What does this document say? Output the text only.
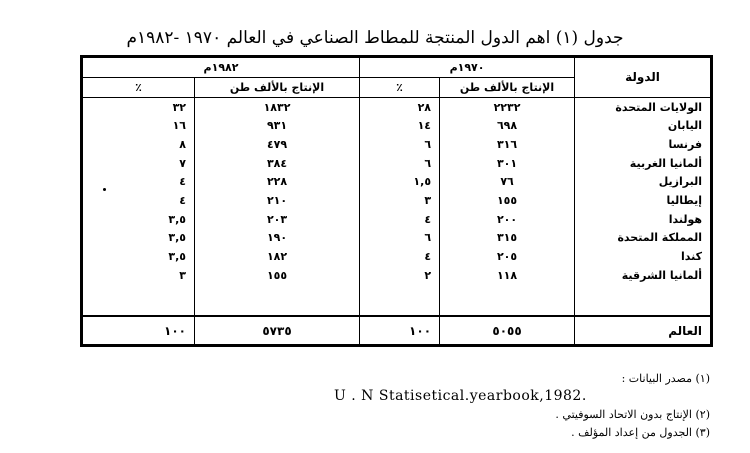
جدول (١) اهم الدول المنتجة للمطاط الصناعي في العالم ١٩٧٠ -١٩٨٢م
الدولة	١٩٧٠م		١٩٨٢م	
	الإنتاج بالألف طن	٪	الإنتاج بالألف طن	٪
الولايات المتحدة	٢٢٣٢	٢٨	١٨٣٢	٣٢
اليابان	٦٩٨	١٤	٩٣١	١٦
فرنسا	٣١٦	٦	٤٧٩	٨
ألمانيا الغربية	٣٠١	٦	٣٨٤	٧
البرازيل	٧٦	١,٥	٢٢٨	٤
إيطاليا	١٥٥	٣	٢١٠	٤
هولندا	٢٠٠	٤	٢٠٣	٣,٥
المملكة المتحدة	٣١٥	٦	١٩٠	٣,٥
كندا	٢٠٥	٤	١٨٢	٣,٥
ألمانيا الشرقية	١١٨	٢	١٥٥	٣

العالم	٥٠٥٥	١٠٠	٥٧٣٥	١٠٠
(١) مصدر البيانات :
U . N Statisetical.yearbook,1982.
(٢) الإنتاج بدون الاتحاد السوفيتي .
(٣) الجدول من إعداد المؤلف .
